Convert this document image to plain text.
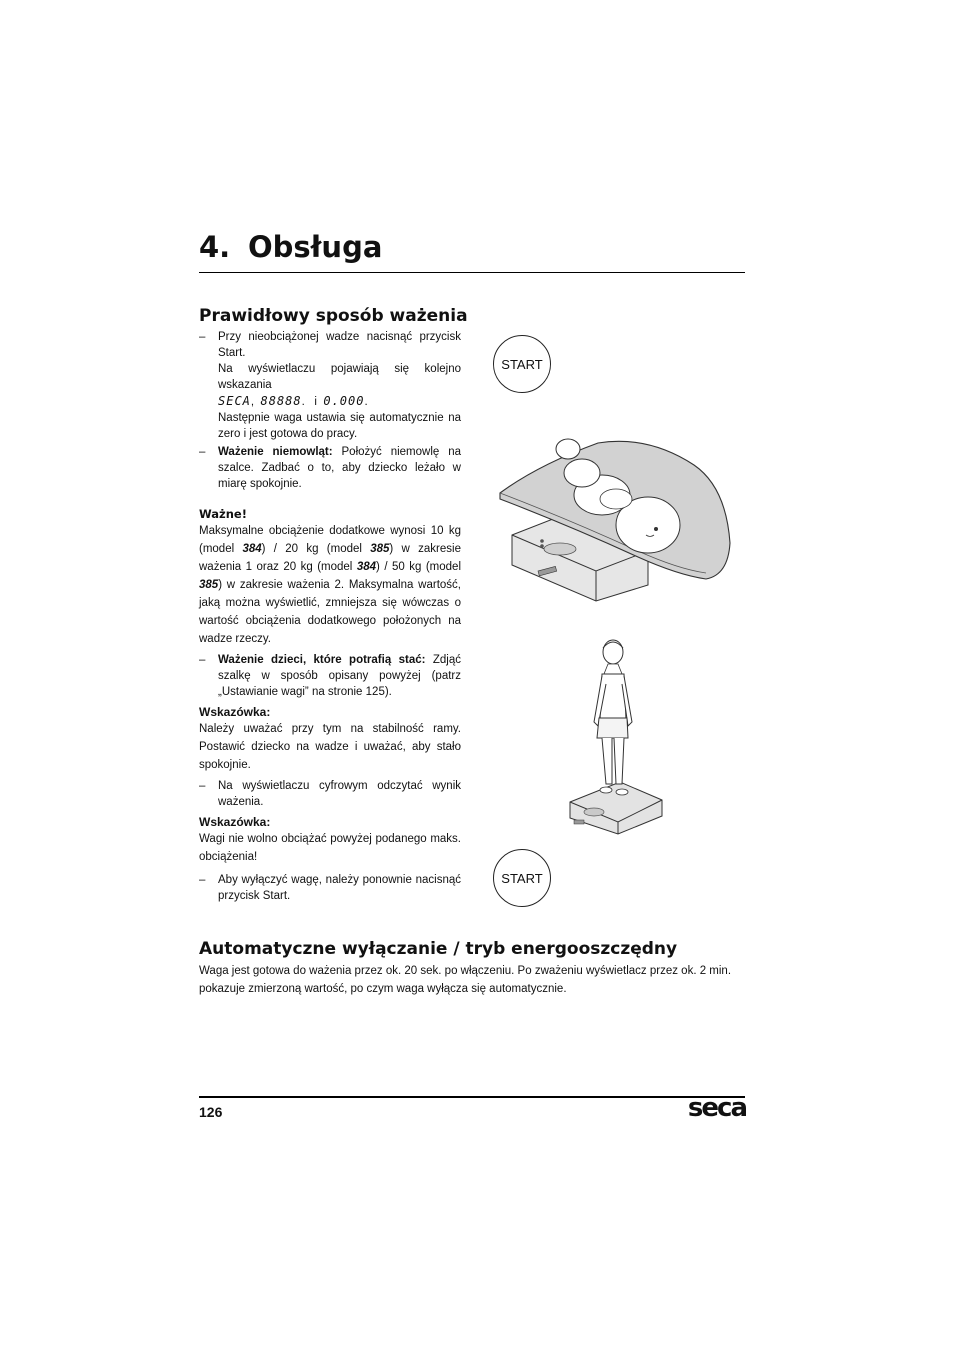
4. Obsługa
Prawidłowy sposób ważenia
– Przy nieobciążonej wadze nacisnąć przycisk Start.
Na wyświetlaczu pojawiają się kolejno wskazania
SECA,  88888.   i 0.000.
Następnie waga ustawia się automatycznie na zero i jest gotowa do pracy.
– Ważenie niemowląt: Położyć niemowlę na szalce. Zadbać o to, aby dziecko leżało w miarę spokojnie.
Ważne!
Maksymalne obciążenie dodatkowe wynosi 10 kg (model 384) / 20 kg (model 385) w zakresie ważenia 1 oraz 20 kg (model 384) / 50 kg (model 385) w zakresie ważenia 2. Maksymalna wartość, jaką można wyświetlić, zmniejsza się wówczas o wartość obciążenia dodatkowego położonych na wadze rzeczy.
– Ważenie dzieci, które potrafią stać: Zdjąć szalkę w sposób opisany powyżej (patrz „Ustawianie wagi” na stronie 125).
Wskazówka:
Należy uważać przy tym na stabilność ramy. Postawić dziecko na wadze i uważać, aby stało spokojnie.
– Na wyświetlaczu cyfrowym odczytać wynik ważenia.
Wskazówka:
Wagi nie wolno obciążać powyżej podanego maks. obciążenia!
– Aby wyłączyć wagę, należy ponownie nacisnąć przycisk Start.
START
START
Automatyczne wyłączanie / tryb energooszczędny
Waga jest gotowa do ważenia przez ok. 20 sek. po włączeniu. Po zważeniu wyświetlacz przez ok. 2 min. pokazuje zmierzoną wartość, po czym waga wyłącza się automatycznie.
126	seca
